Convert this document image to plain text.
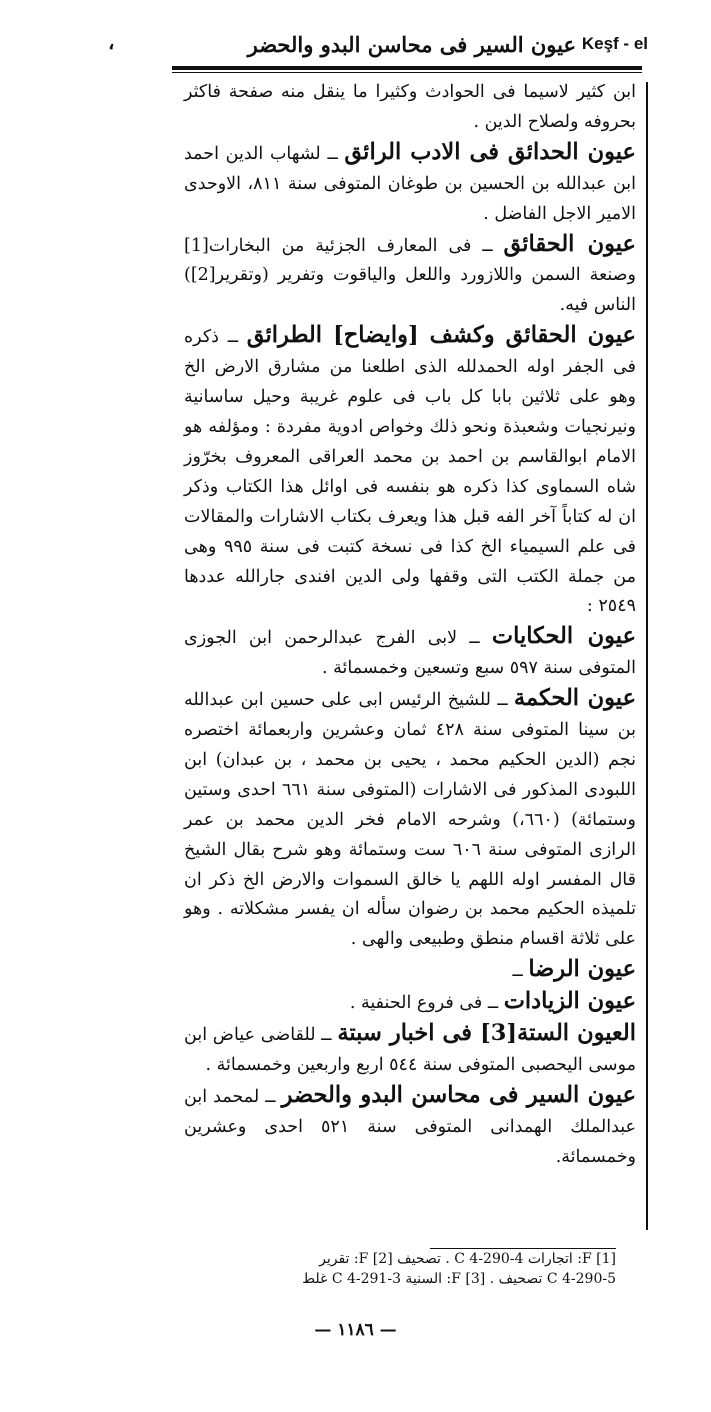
،	عيون السير فى محاسن البدو والحضر Keşf - el

ابن كثير لاسيما فى الحوادث وكثيرا ما ينقل منه صفحة فاكثر بحروفه ولصلاح الدين .

عيون الحدائق فى الادب الرائق ــ لشهاب الدين احمد ابن عبدالله بن الحسين بن طوغان المتوفى سنة ٨١١، الاوحدى الامير الاجل الفاضل .

عيون الحقائق ــ فى المعارف الجزئية من البخارات[1] وصنعة السمن واللازورد واللعل والياقوت وتفرير (وتقرير[2]) الناس فيه.

عيون الحقائق وكشف [وايضاح] الطرائق ــ ذكره فى الجفر اوله الحمدلله الذى اطلعنا من مشارق الارض الخ وهو على ثلاثين بابا كل باب فى علوم غريبة وحيل ساسانية ونيرنجيات وشعبذة ونحو ذلك وخواص ادوية مفردة : ومؤلفه هو الامام ابوالقاسم بن احمد بن محمد العراقى المعروف بخرّوز شاه السماوى كذا ذكره هو بنفسه فى اوائل هذا الكتاب وذكر ان له كتاباً آخر الفه قبل هذا ويعرف بكتاب الاشارات والمقالات فى علم السيمياء الخ كذا فى نسخة كتبت فى سنة ٩٩٥ وهى من جملة الكتب التى وقفها ولى الدين افندى جارالله عددها ٢٥٤٩ :

عيون الحكايات ــ لابى الفرج عبدالرحمن ابن الجوزى المتوفى سنة ٥٩٧ سبع وتسعين وخمسمائة .

عيون الحكمة ــ للشيخ الرئيس ابى على حسين ابن عبدالله بن سينا المتوفى سنة ٤٢٨ ثمان وعشرين واربعمائة اختصره نجم (الدين الحكيم محمد ، يحيى بن محمد ، بن عبدان) ابن اللبودى المذكور فى الاشارات (المتوفى سنة ٦٦١ احدى وستين وستمائة) (٦٦٠،) وشرحه الامام فخر الدين محمد بن عمر الرازى المتوفى سنة ٦٠٦ ست وستمائة وهو شرح بقال الشيخ قال المفسر اوله اللهم يا خالق السموات والارض الخ ذكر ان تلميذه الحكيم محمد بن رضوان سأله ان يفسر مشكلاته . وهو على ثلاثة اقسام منطق وطبيعى والهى .

عيون الرضا ــ

عيون الزيادات ــ فى فروع الحنفية .

العيون الستة[3] فى اخبار سبتة ــ للقاضى عياض ابن موسى اليحصبى المتوفى سنة ٥٤٤ اربع واربعين وخمسمائة .

عيون السير فى محاسن البدو والحضر ــ لمحمد ابن عبدالملك الهمدانى المتوفى سنة ٥٢١ احدى وعشرين وخمسمائة.

[1] F: اتجارات C 4-290-4 . تصحيف [2] F: تقرير
C 4-290-5 تصحيف . [3] F: السنية C 4-291-3 غلط
— ١١٨٦ —
